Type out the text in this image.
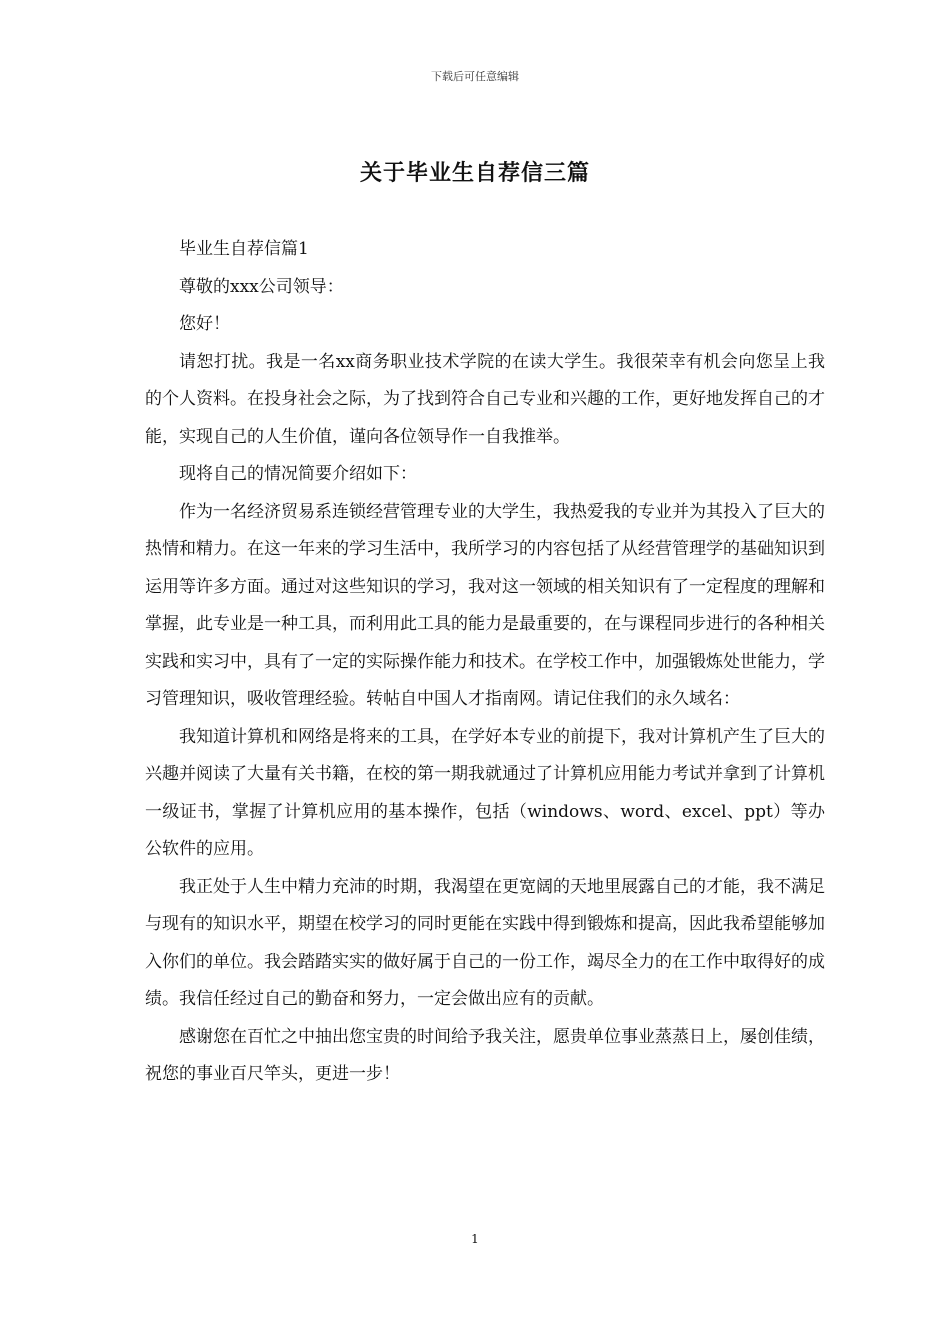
下载后可任意编辑
关于毕业生自荐信三篇

毕业生自荐信篇1

尊敬的xxx公司领导：

您好！

请恕打扰。我是一名xx商务职业技术学院的在读大学生。我很荣幸有机会向您呈上我的个人资料。在投身社会之际，为了找到符合自己专业和兴趣的工作，更好地发挥自己的才能，实现自己的人生价值，谨向各位领导作一自我推举。

现将自己的情况简要介绍如下：

作为一名经济贸易系连锁经营管理专业的大学生，我热爱我的专业并为其投入了巨大的热情和精力。在这一年来的学习生活中，我所学习的内容包括了从经营管理学的基础知识到运用等许多方面。通过对这些知识的学习，我对这一领域的相关知识有了一定程度的理解和掌握，此专业是一种工具，而利用此工具的能力是最重要的，在与课程同步进行的各种相关实践和实习中，具有了一定的实际操作能力和技术。在学校工作中，加强锻炼处世能力，学习管理知识，吸收管理经验。转帖自中国人才指南网。请记住我们的永久域名：

我知道计算机和网络是将来的工具，在学好本专业的前提下，我对计算机产生了巨大的兴趣并阅读了大量有关书籍，在校的第一期我就通过了计算机应用能力考试并拿到了计算机一级证书，掌握了计算机应用的基本操作，包括（windows、word、excel、ppt）等办公软件的应用。

我正处于人生中精力充沛的时期，我渴望在更宽阔的天地里展露自己的才能，我不满足与现有的知识水平，期望在校学习的同时更能在实践中得到锻炼和提高，因此我希望能够加入你们的单位。我会踏踏实实的做好属于自己的一份工作，竭尽全力的在工作中取得好的成绩。我信任经过自己的勤奋和努力，一定会做出应有的贡献。

感谢您在百忙之中抽出您宝贵的时间给予我关注，愿贵单位事业蒸蒸日上，屡创佳绩，祝您的事业百尺竿头，更进一步！

1
